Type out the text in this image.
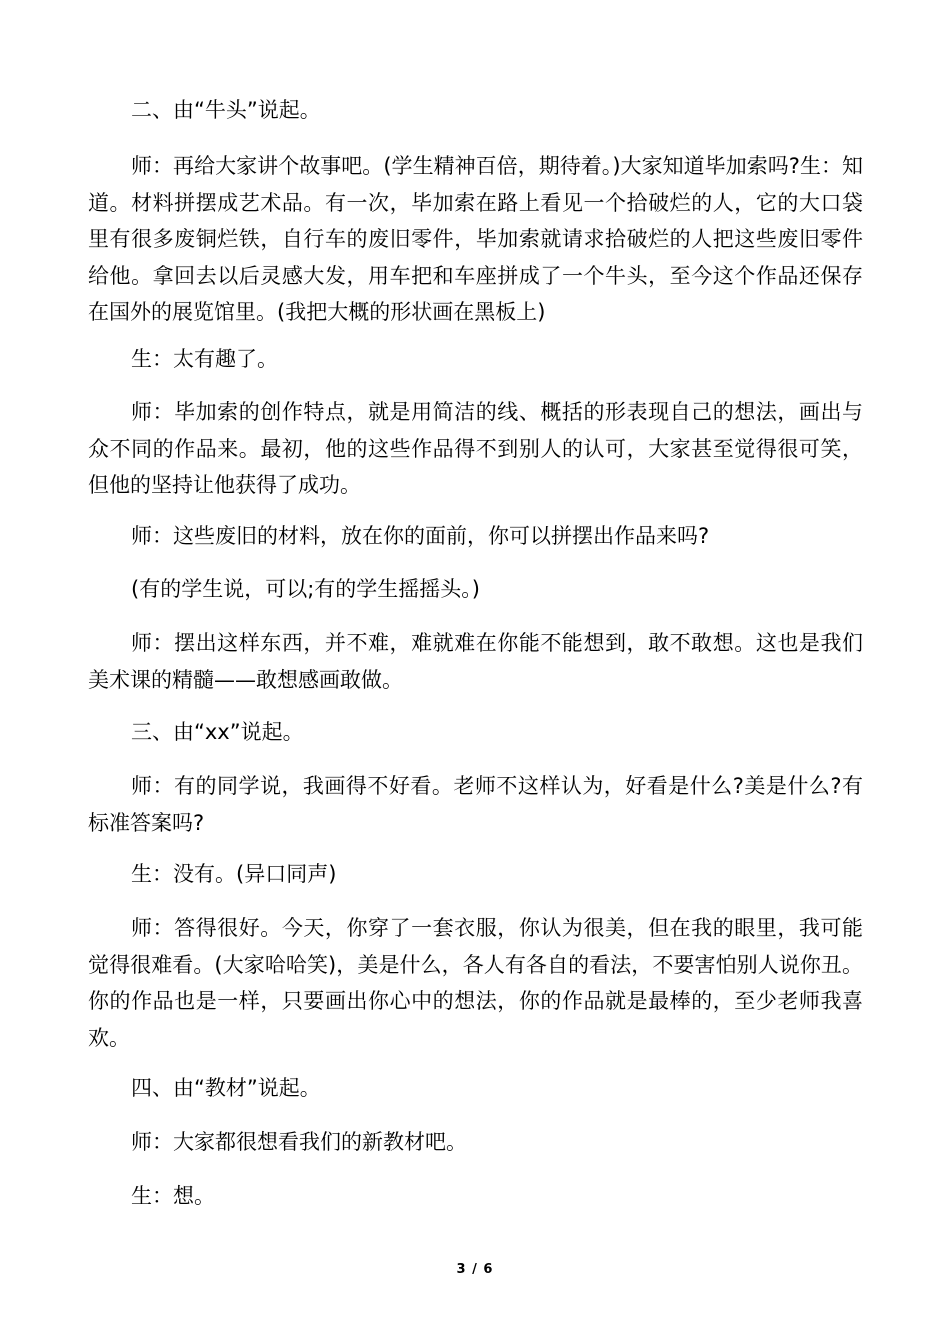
二、由“牛头”说起。

师：再给大家讲个故事吧。(学生精神百倍，期待着。)大家知道毕加索吗?生：知道。材料拼摆成艺术品。有一次，毕加索在路上看见一个拾破烂的人，它的大口袋里有很多废铜烂铁，自行车的废旧零件，毕加索就请求拾破烂的人把这些废旧零件给他。拿回去以后灵感大发，用车把和车座拼成了一个牛头，至今这个作品还保存在国外的展览馆里。(我把大概的形状画在黑板上)

生：太有趣了。

师：毕加索的创作特点，就是用简洁的线、概括的形表现自己的想法，画出与众不同的作品来。最初，他的这些作品得不到别人的认可，大家甚至觉得很可笑，但他的坚持让他获得了成功。

师：这些废旧的材料，放在你的面前，你可以拼摆出作品来吗?

(有的学生说，可以;有的学生摇摇头。)

师：摆出这样东西，并不难，难就难在你能不能想到，敢不敢想。这也是我们美术课的精髓——敢想感画敢做。

三、由“xx”说起。

师：有的同学说，我画得不好看。老师不这样认为，好看是什么?美是什么?有标准答案吗?

生：没有。(异口同声)

师：答得很好。今天，你穿了一套衣服，你认为很美，但在我的眼里，我可能觉得很难看。(大家哈哈笑)，美是什么，各人有各自的看法，不要害怕别人说你丑。你的作品也是一样，只要画出你心中的想法，你的作品就是最棒的，至少老师我喜欢。

四、由“教材”说起。

师：大家都很想看我们的新教材吧。

生：想。

3 / 6
